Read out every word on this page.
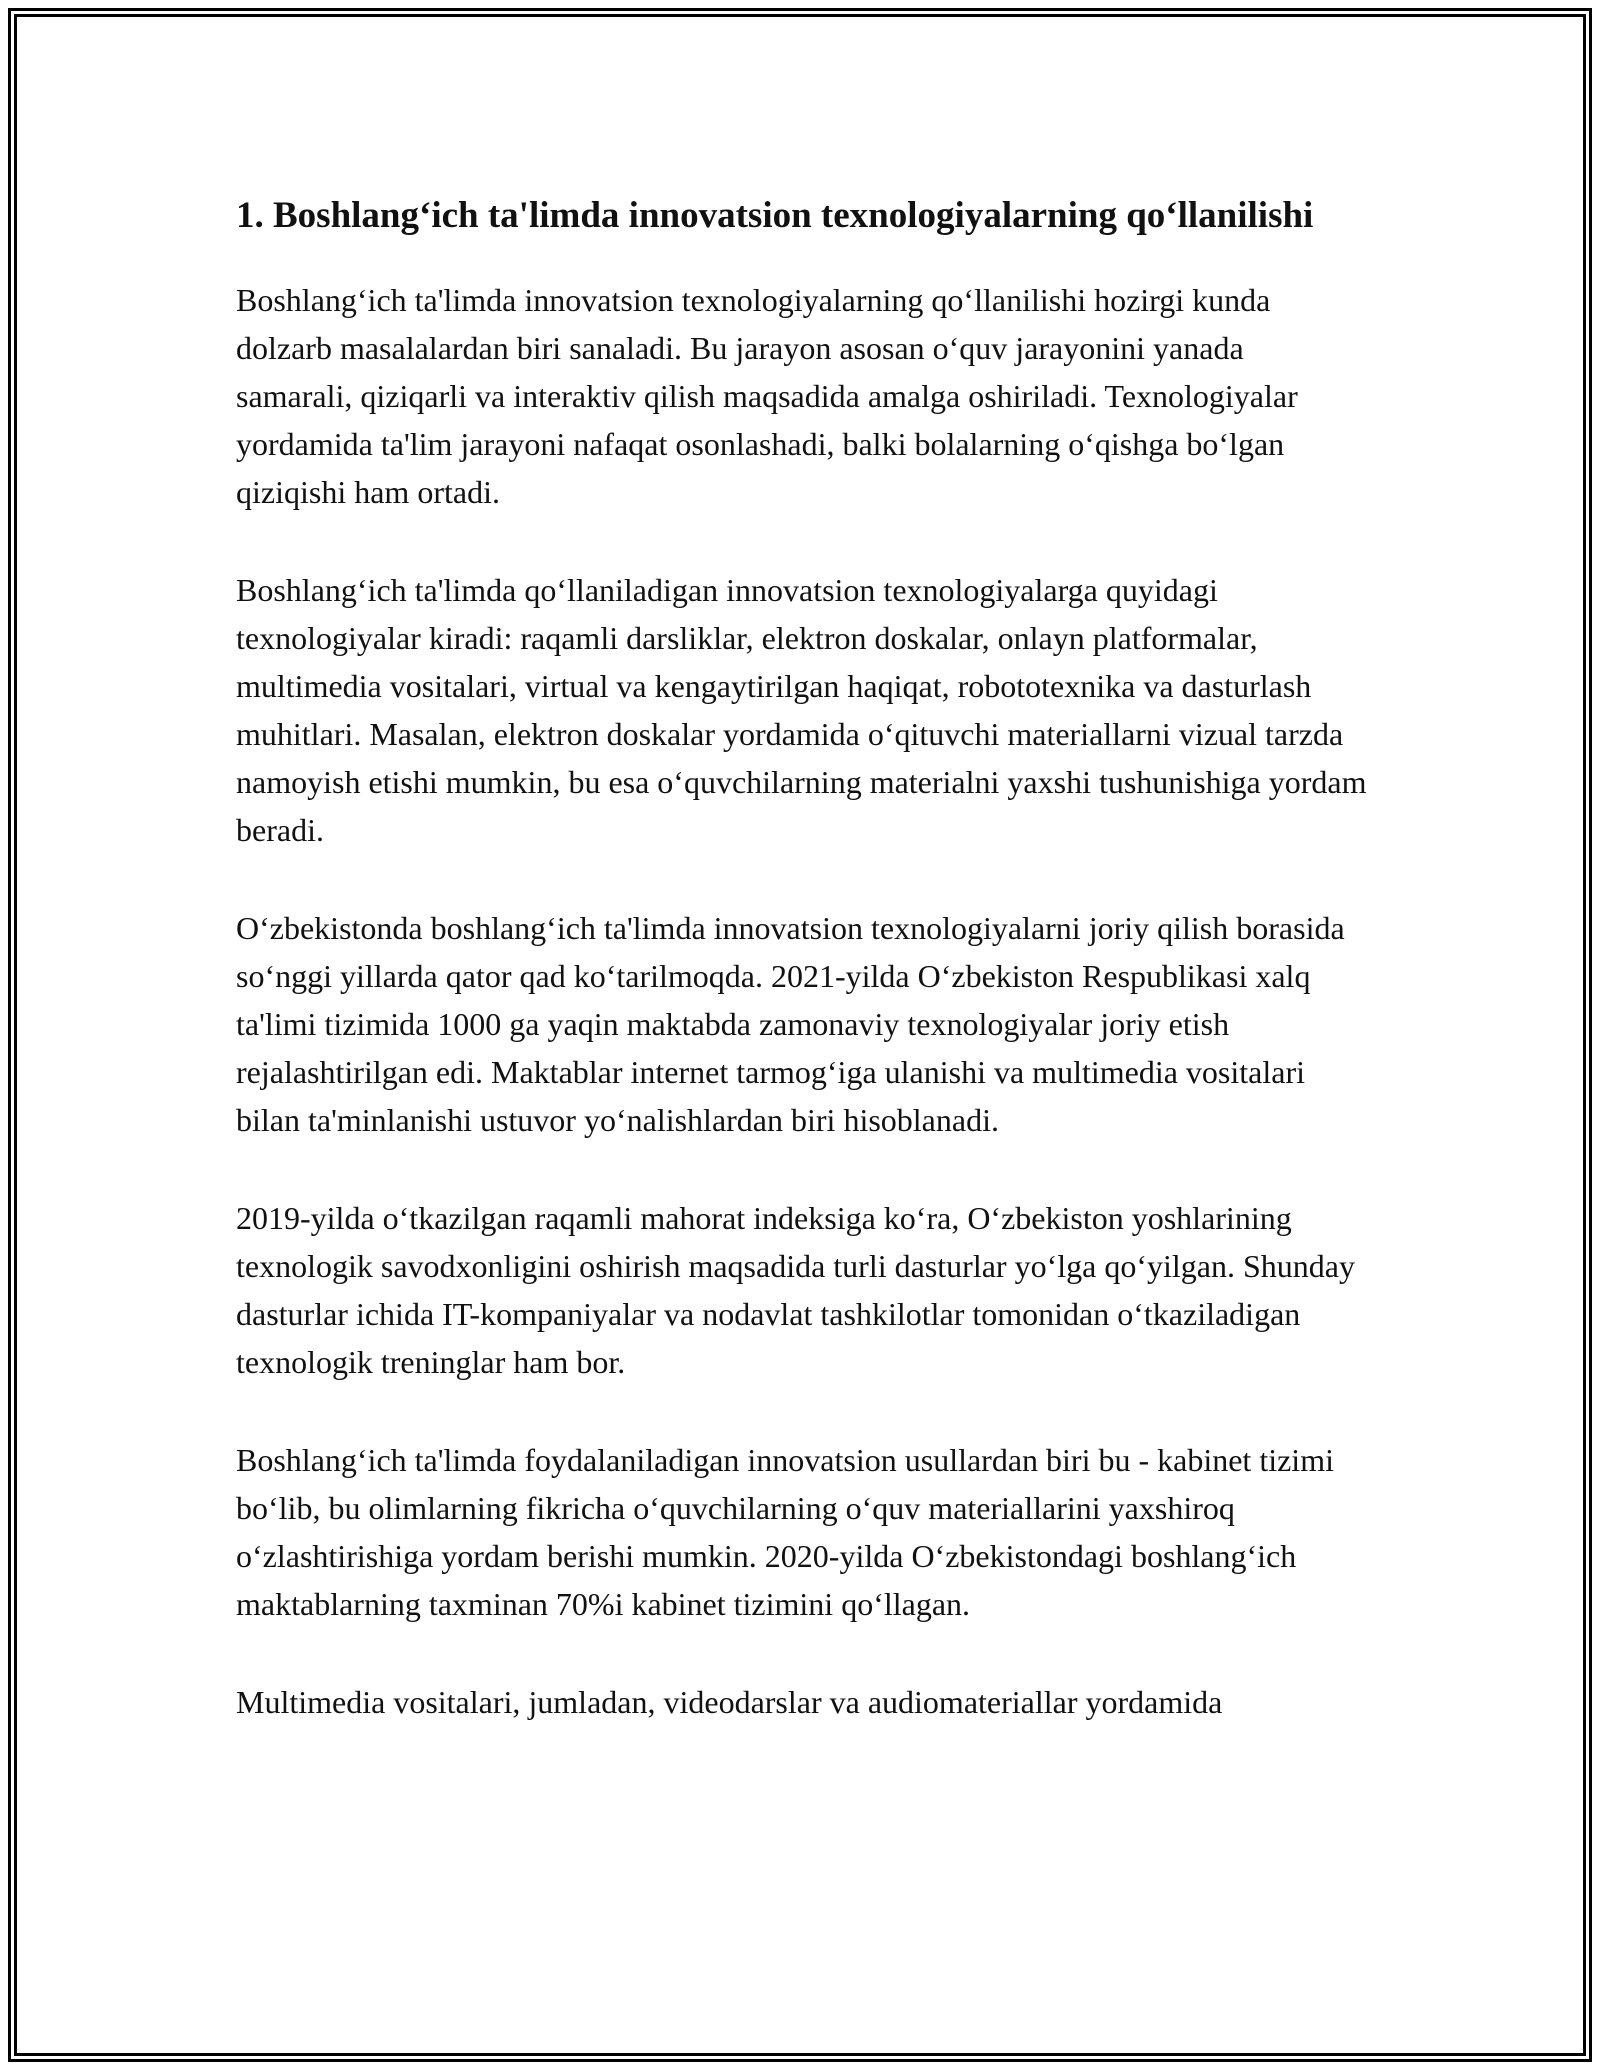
1. Boshlang‘ich ta'limda innovatsion texnologiyalarning qo‘llanilishi

Boshlang‘ich ta'limda innovatsion texnologiyalarning qo‘llanilishi hozirgi kunda dolzarb masalalardan biri sanaladi. Bu jarayon asosan o‘quv jarayonini yanada samarali, qiziqarli va interaktiv qilish maqsadida amalga oshiriladi. Texnologiyalar yordamida ta'lim jarayoni nafaqat osonlashadi, balki bolalarning o‘qishga bo‘lgan qiziqishi ham ortadi.

Boshlang‘ich ta'limda qo‘llaniladigan innovatsion texnologiyalarga quyidagi texnologiyalar kiradi: raqamli darsliklar, elektron doskalar, onlayn platformalar, multimedia vositalari, virtual va kengaytirilgan haqiqat, robototexnika va dasturlash muhitlari. Masalan, elektron doskalar yordamida o‘qituvchi materiallarni vizual tarzda namoyish etishi mumkin, bu esa o‘quvchilarning materialni yaxshi tushunishiga yordam beradi.

O‘zbekistonda boshlang‘ich ta'limda innovatsion texnologiyalarni joriy qilish borasida so‘nggi yillarda qator qad ko‘tarilmoqda. 2021-yilda O‘zbekiston Respublikasi xalq ta'limi tizimida 1000 ga yaqin maktabda zamonaviy texnologiyalar joriy etish rejalashtirilgan edi. Maktablar internet tarmog‘iga ulanishi va multimedia vositalari bilan ta'minlanishi ustuvor yo‘nalishlardan biri hisoblanadi.

2019-yilda o‘tkazilgan raqamli mahorat indeksiga ko‘ra, O‘zbekiston yoshlarining texnologik savodxonligini oshirish maqsadida turli dasturlar yo‘lga qo‘yilgan. Shunday dasturlar ichida IT-kompaniyalar va nodavlat tashkilotlar tomonidan o‘tkaziladigan texnologik treninglar ham bor.

Boshlang‘ich ta'limda foydalaniladigan innovatsion usullardan biri bu - kabinet tizimi bo‘lib, bu olimlarning fikricha o‘quvchilarning o‘quv materiallarini yaxshiroq o‘zlashtirishiga yordam berishi mumkin. 2020-yilda O‘zbekistondagi boshlang‘ich maktablarning taxminan 70%i kabinet tizimini qo‘llagan.

Multimedia vositalari, jumladan, videodarslar va audiomateriallar yordamida
